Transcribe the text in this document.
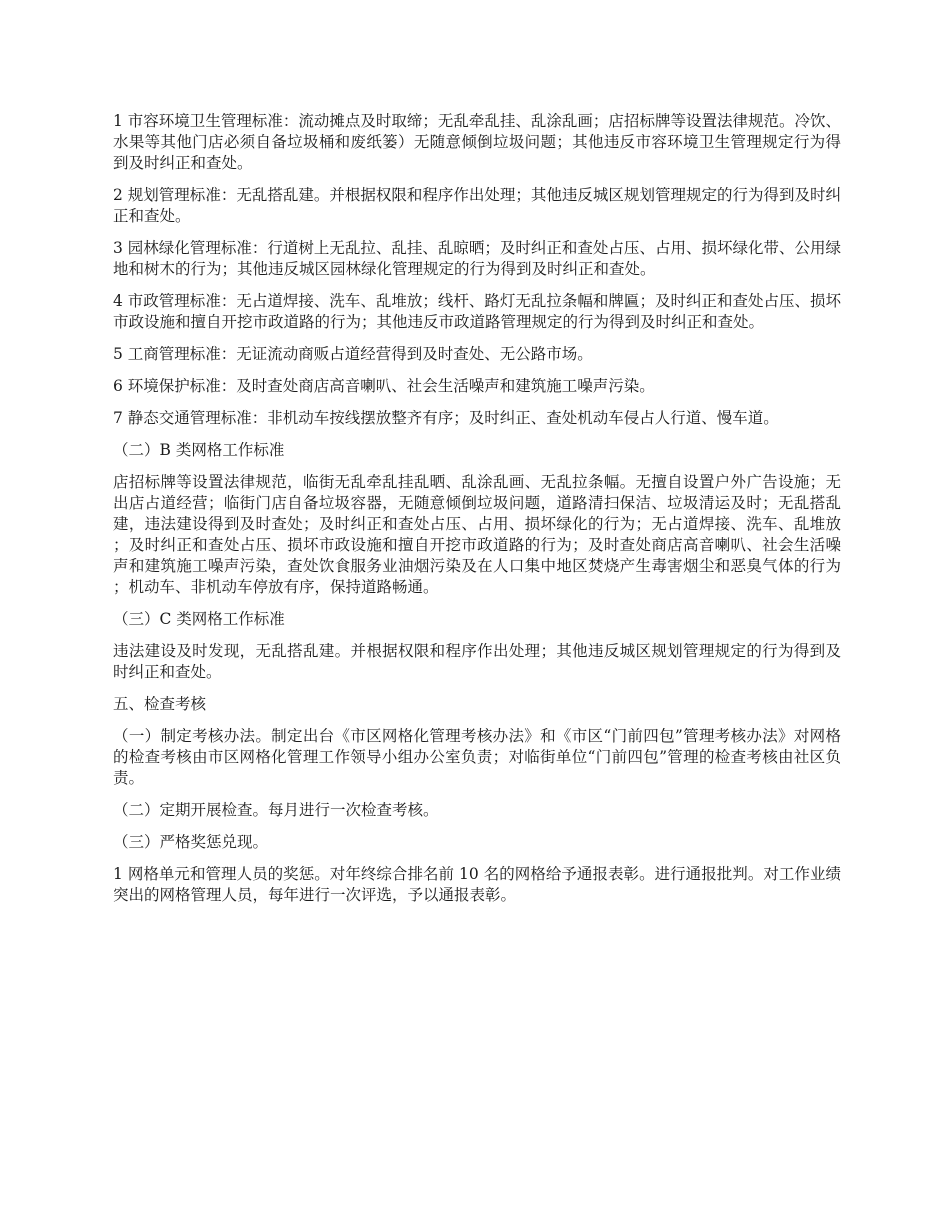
1 市容环境卫生管理标准：流动摊点及时取缔；无乱牵乱挂、乱涂乱画；店招标牌等设置法律规范。冷饮、水果等其他门店必须自备垃圾桶和废纸篓）无随意倾倒垃圾问题；其他违反市容环境卫生管理规定行为得到及时纠正和查处。

2 规划管理标准：无乱搭乱建。并根据权限和程序作出处理；其他违反城区规划管理规定的行为得到及时纠正和查处。

3 园林绿化管理标准：行道树上无乱拉、乱挂、乱晾晒；及时纠正和查处占压、占用、损坏绿化带、公用绿地和树木的行为；其他违反城区园林绿化管理规定的行为得到及时纠正和查处。

4 市政管理标准：无占道焊接、洗车、乱堆放；线杆、路灯无乱拉条幅和牌匾；及时纠正和查处占压、损坏市政设施和擅自开挖市政道路的行为；其他违反市政道路管理规定的行为得到及时纠正和查处。

5 工商管理标准：无证流动商贩占道经营得到及时查处、无公路市场。

6 环境保护标准：及时查处商店高音喇叭、社会生活噪声和建筑施工噪声污染。

7 静态交通管理标准：非机动车按线摆放整齐有序；及时纠正、查处机动车侵占人行道、慢车道。

（二）B 类网格工作标准

店招标牌等设置法律规范，临街无乱牵乱挂乱晒、乱涂乱画、无乱拉条幅。无擅自设置户外广告设施；无出店占道经营；临街门店自备垃圾容器，无随意倾倒垃圾问题，道路清扫保洁、垃圾清运及时；无乱搭乱建，违法建设得到及时查处；及时纠正和查处占压、占用、损坏绿化的行为；无占道焊接、洗车、乱堆放；及时纠正和查处占压、损坏市政设施和擅自开挖市政道路的行为；及时查处商店高音喇叭、社会生活噪声和建筑施工噪声污染，查处饮食服务业油烟污染及在人口集中地区焚烧产生毒害烟尘和恶臭气体的行为；机动车、非机动车停放有序，保持道路畅通。

（三）C 类网格工作标准

违法建设及时发现，无乱搭乱建。并根据权限和程序作出处理；其他违反城区规划管理规定的行为得到及时纠正和查处。

五、检查考核

（一）制定考核办法。制定出台《市区网格化管理考核办法》和《市区“门前四包”管理考核办法》对网格的检查考核由市区网格化管理工作领导小组办公室负责；对临街单位“门前四包”管理的检查考核由社区负责。

（二）定期开展检查。每月进行一次检查考核。

（三）严格奖惩兑现。

1 网格单元和管理人员的奖惩。对年终综合排名前 10 名的网格给予通报表彰。进行通报批判。对工作业绩突出的网格管理人员，每年进行一次评选，予以通报表彰。
